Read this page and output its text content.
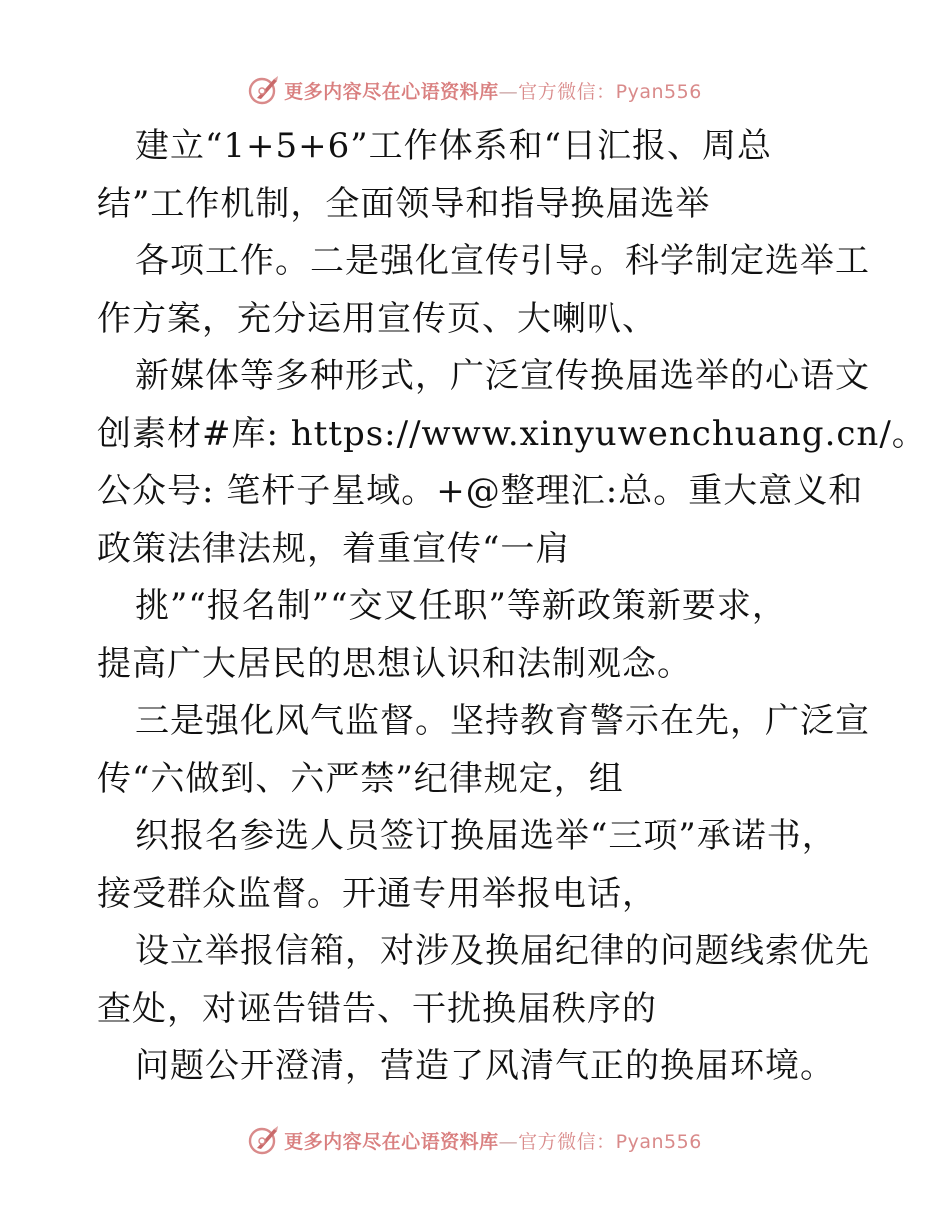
更多内容尽在心语资料库—官方微信：Pyan556
建立“1+5+6”工作体系和“日汇报、周总
结”工作机制，全面领导和指导换届选举
各项工作。二是强化宣传引导。科学制定选举工
作方案，充分运用宣传页、大喇叭、
新媒体等多种形式，广泛宣传换届选举的心语文
创素材#库: https://www.xinyuwenchuang.cn/。
公众号: 笔杆子星域。+@整理汇:总。重大意义和
政策法律法规，着重宣传“一肩
挑”“报名制”“交叉任职”等新政策新要求，
提高广大居民的思想认识和法制观念。
三是强化风气监督。坚持教育警示在先，广泛宣
传“六做到、六严禁”纪律规定，组
织报名参选人员签订换届选举“三项”承诺书，
接受群众监督。开通专用举报电话，
设立举报信箱，对涉及换届纪律的问题线索优先
查处，对诬告错告、干扰换届秩序的
问题公开澄清，营造了风清气正的换届环境。
更多内容尽在心语资料库—官方微信：Pyan556
